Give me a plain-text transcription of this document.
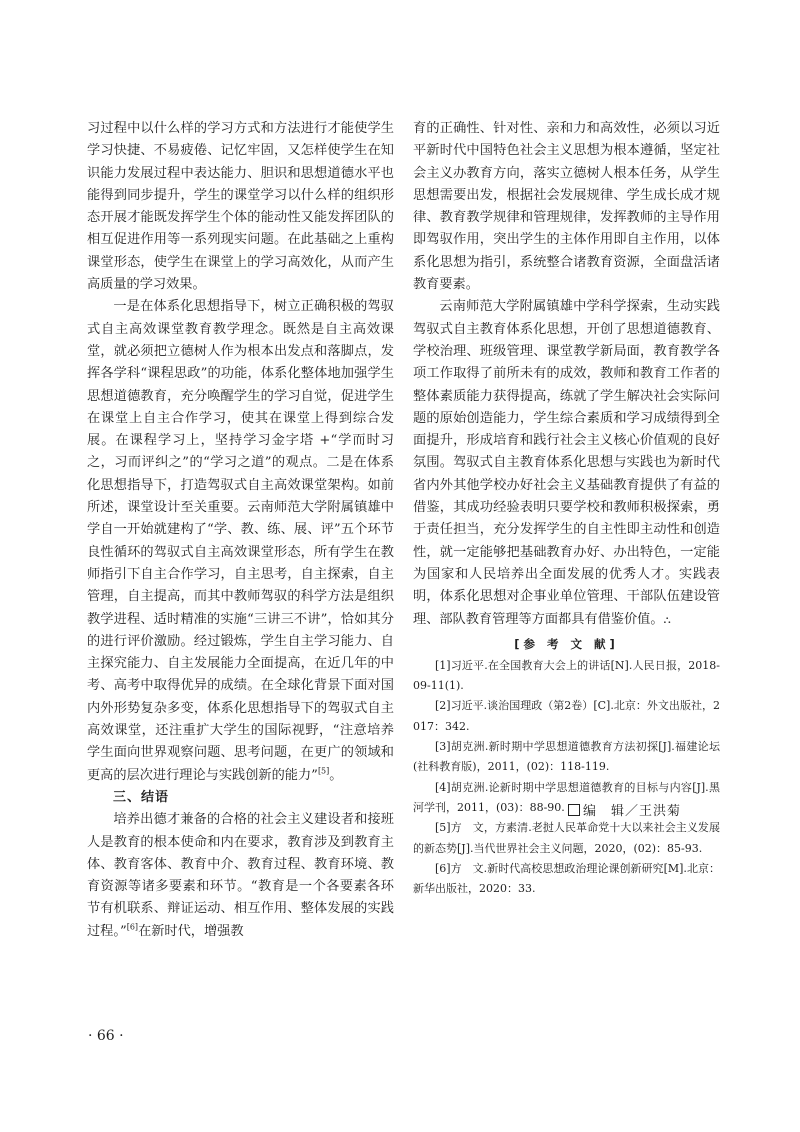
习过程中以什么样的学习方式和方法进行才能使学生学习快捷、不易疲倦、记忆牢固，又怎样使学生在知识能力发展过程中表达能力、胆识和思想道德水平也能得到同步提升，学生的课堂学习以什么样的组织形态开展才能既发挥学生个体的能动性又能发挥团队的相互促进作用等一系列现实问题。在此基础之上重构课堂形态，使学生在课堂上的学习高效化，从而产生高质量的学习效果。

一是在体系化思想指导下，树立正确积极的驾驭式自主高效课堂教育教学理念。既然是自主高效课堂，就必须把立德树人作为根本出发点和落脚点，发挥各学科“课程思政”的功能，体系化整体地加强学生思想道德教育，充分唤醒学生的学习自觉，促进学生在课堂上自主合作学习，使其在课堂上得到综合发展。在课程学习上，坚持学习金字塔 +“学而时习之，习而评纠之”的“学习之道”的观点。二是在体系化思想指导下，打造驾驭式自主高效课堂架构。如前所述，课堂设计至关重要。云南师范大学附属镇雄中学自一开始就建构了“学、教、练、展、评”五个环节良性循环的驾驭式自主高效课堂形态，所有学生在教师指引下自主合作学习，自主思考，自主探索，自主管理，自主提高，而其中教师驾驭的科学方法是组织教学进程、适时精准的实施“三讲三不讲”，恰如其分的进行评价激励。经过锻炼，学生自主学习能力、自主探究能力、自主发展能力全面提高，在近几年的中考、高考中取得优异的成绩。在全球化背景下面对国内外形势复杂多变，体系化思想指导下的驾驭式自主高效课堂，还注重扩大学生的国际视野，“注意培养学生面向世界观察问题、思考问题，在更广的领域和更高的层次进行理论与实践创新的能力”[5]。

三、结语

培养出德才兼备的合格的社会主义建设者和接班人是教育的根本使命和内在要求，教育涉及到教育主体、教育客体、教育中介、教育过程、教育环境、教育资源等诸多要素和环节。“教育是一个各要素各环节有机联系、辩证运动、相互作用、整体发展的实践过程。”[6]在新时代，增强教

育的正确性、针对性、亲和力和高效性，必须以习近平新时代中国特色社会主义思想为根本遵循，坚定社会主义办教育方向，落实立德树人根本任务，从学生思想需要出发，根据社会发展规律、学生成长成才规律、教育教学规律和管理规律，发挥教师的主导作用即驾驭作用，突出学生的主体作用即自主作用，以体系化思想为指引，系统整合诸教育资源，全面盘活诸教育要素。

云南师范大学附属镇雄中学科学探索，生动实践驾驭式自主教育体系化思想，开创了思想道德教育、学校治理、班级管理、课堂教学新局面，教育教学各项工作取得了前所未有的成效，教师和教育工作者的整体素质能力获得提高，练就了学生解决社会实际问题的原始创造能力，学生综合素质和学习成绩得到全面提升，形成培育和践行社会主义核心价值观的良好氛围。驾驭式自主教育体系化思想与实践也为新时代省内外其他学校办好社会主义基础教育提供了有益的借鉴，其成功经验表明只要学校和教师积极探索，勇于责任担当，充分发挥学生的自主性即主动性和创造性，就一定能够把基础教育办好、办出特色，一定能为国家和人民培养出全面发展的优秀人才。实践表明，体系化思想对企事业单位管理、干部队伍建设管理、部队教育管理等方面都具有借鉴价值。⛬

[参 考 文 献]

[1]习近平.在全国教育大会上的讲话[N].人民日报，2018-09-11(1).

[2]习近平.谈治国理政（第2卷）[C].北京：外文出版社，2017：342.

[3]胡克洲.新时期中学思想道德教育方法初探[J].福建论坛(社科教育版)，2011，(02)：118-119.

[4]胡克洲.论新时期中学思想道德教育的目标与内容[J].黑河学刊，2011，(03)：88-90.

[5]方　文，方素清.老挝人民革命党十大以来社会主义发展的新态势[J].当代世界社会主义问题，2020，(02)：85-93.

[6]方　文.新时代高校思想政治理论课创新研究[M].北京：新华出版社，2020：33.

编　辑／王洪菊
· 66 ·
